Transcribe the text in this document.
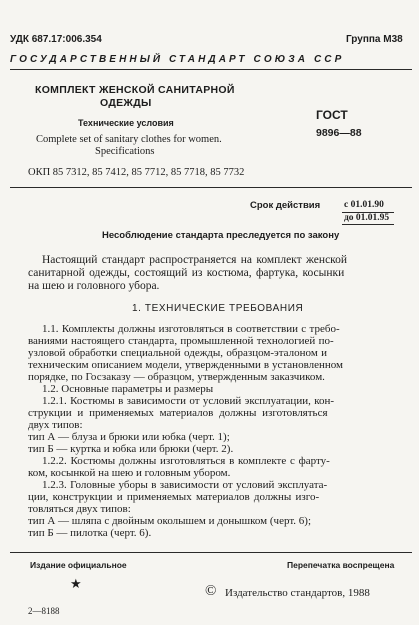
УДК 687.17:006.354	Группа М38
ГОСУДАРСТВЕННЫЙ СТАНДАРТ СОЮЗА ССР
КОМПЛЕКТ ЖЕНСКОЙ САНИТАРНОЙ
ОДЕЖДЫ
Технические условия
Complete set of sanitary clothes for women.
Specifications
ГОСТ
9896—88
ОКП 85 7312, 85 7412, 85 7712, 85 7718, 85 7732
Срок действия	с 01.01.90
до 01.01.95
Несоблюдение стандарта преследуется по закону
Настоящий стандарт распространяется на комплект женской
санитарной одежды, состоящий из костюма, фартука, косынки
на шею и головного убора.
1. ТЕХНИЧЕСКИЕ ТРЕБОВАНИЯ
1.1. Комплекты должны изготовляться в соответствии с требо-
ваниями настоящего стандарта, промышленной технологией по-
узловой обработки специальной одежды, образцом-эталоном и
техническим описанием модели, утвержденными в установленном
порядке, по Госзаказу — образцом, утвержденным заказчиком.
1.2. Основные параметры и размеры
1.2.1. Костюмы в зависимости от условий эксплуатации, кон-
струкции и применяемых материалов должны изготовляться
двух типов:
тип А — блуза и брюки или юбка (черт. 1);
тип Б — куртка и юбка или брюки (черт. 2).
1.2.2. Костюмы должны изготовляться в комплекте с фарту-
ком, косынкой на шею и головным убором.
1.2.3. Головные уборы в зависимости от условий эксплуата-
ции, конструкции и применяемых материалов должны изго-
товляться двух типов:
тип А — шляпа с двойным околышем и донышком (черт. 6);
тип Б — пилотка (черт. 6).
Издание официальное	Перепечатка воспрещена
★	© Издательство стандартов, 1988
2—8188
